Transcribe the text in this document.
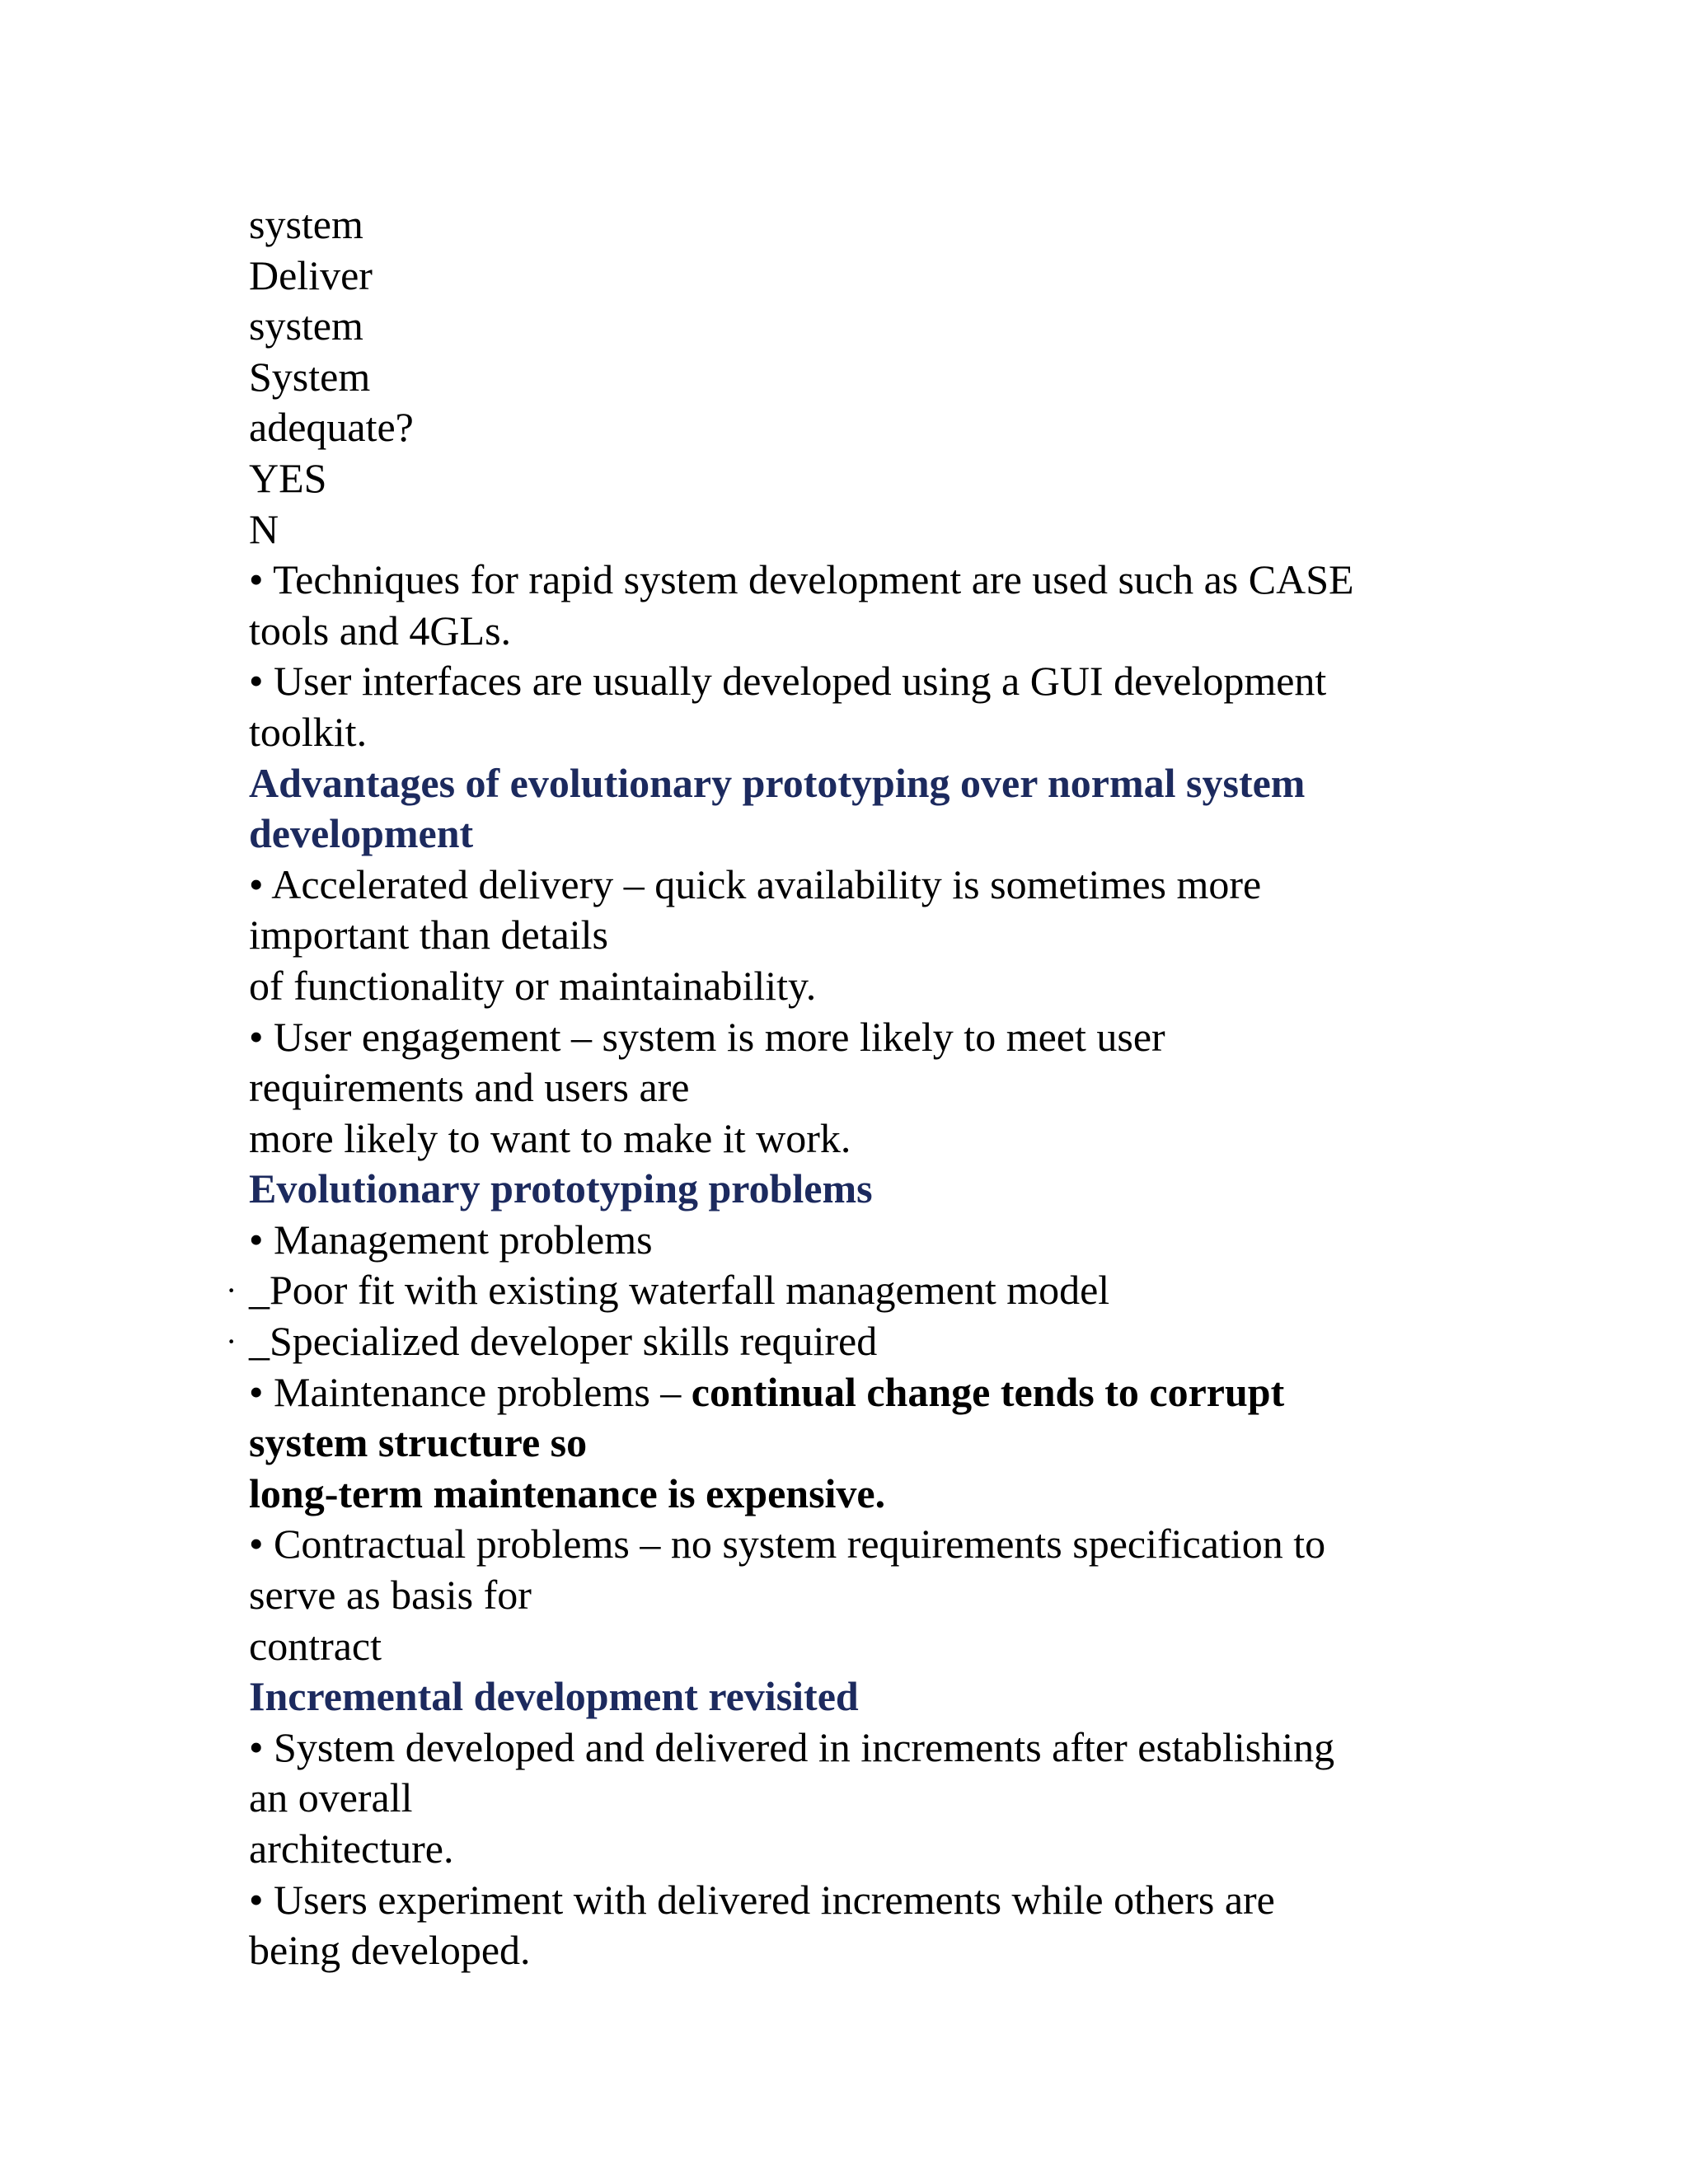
system
Deliver
system
System
adequate?
YES
N
• Techniques for rapid system development are used such as CASE
tools and 4GLs.
• User interfaces are usually developed using a GUI development
toolkit.
Advantages of evolutionary prototyping over normal system
development
• Accelerated delivery – quick availability is sometimes more
important than details
of functionality or maintainability.
• User engagement – system is more likely to meet user
requirements and users are
more likely to want to make it work.
Evolutionary prototyping problems
• Management problems
· _Poor fit with existing waterfall management model
· _Specialized developer skills required
• Maintenance problems – continual change tends to corrupt
system structure so
long-term maintenance is expensive.
• Contractual problems – no system requirements specification to
serve as basis for
contract
Incremental development revisited
• System developed and delivered in increments after establishing
an overall
architecture.
• Users experiment with delivered increments while others are
being developed.
